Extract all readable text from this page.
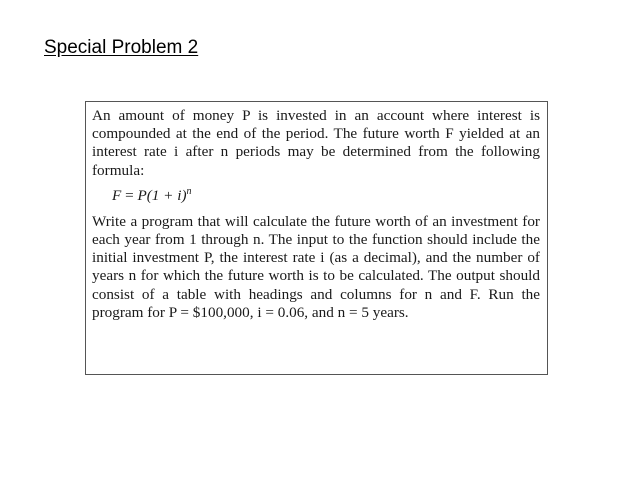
Special Problem 2

An amount of money P is invested in an account where interest is compounded at the end of the period. The future worth F yielded at an interest rate i after n periods may be determined from the following formula:

$F = P(1 + i)^n$

Write a program that will calculate the future worth of an investment for each year from 1 through n. The input to the function should include the initial investment P, the interest rate i (as a decimal), and the number of years n for which the future worth is to be calculated. The output should consist of a table with headings and columns for n and F. Run the program for P = $100,000, i = 0.06, and n = 5 years.
